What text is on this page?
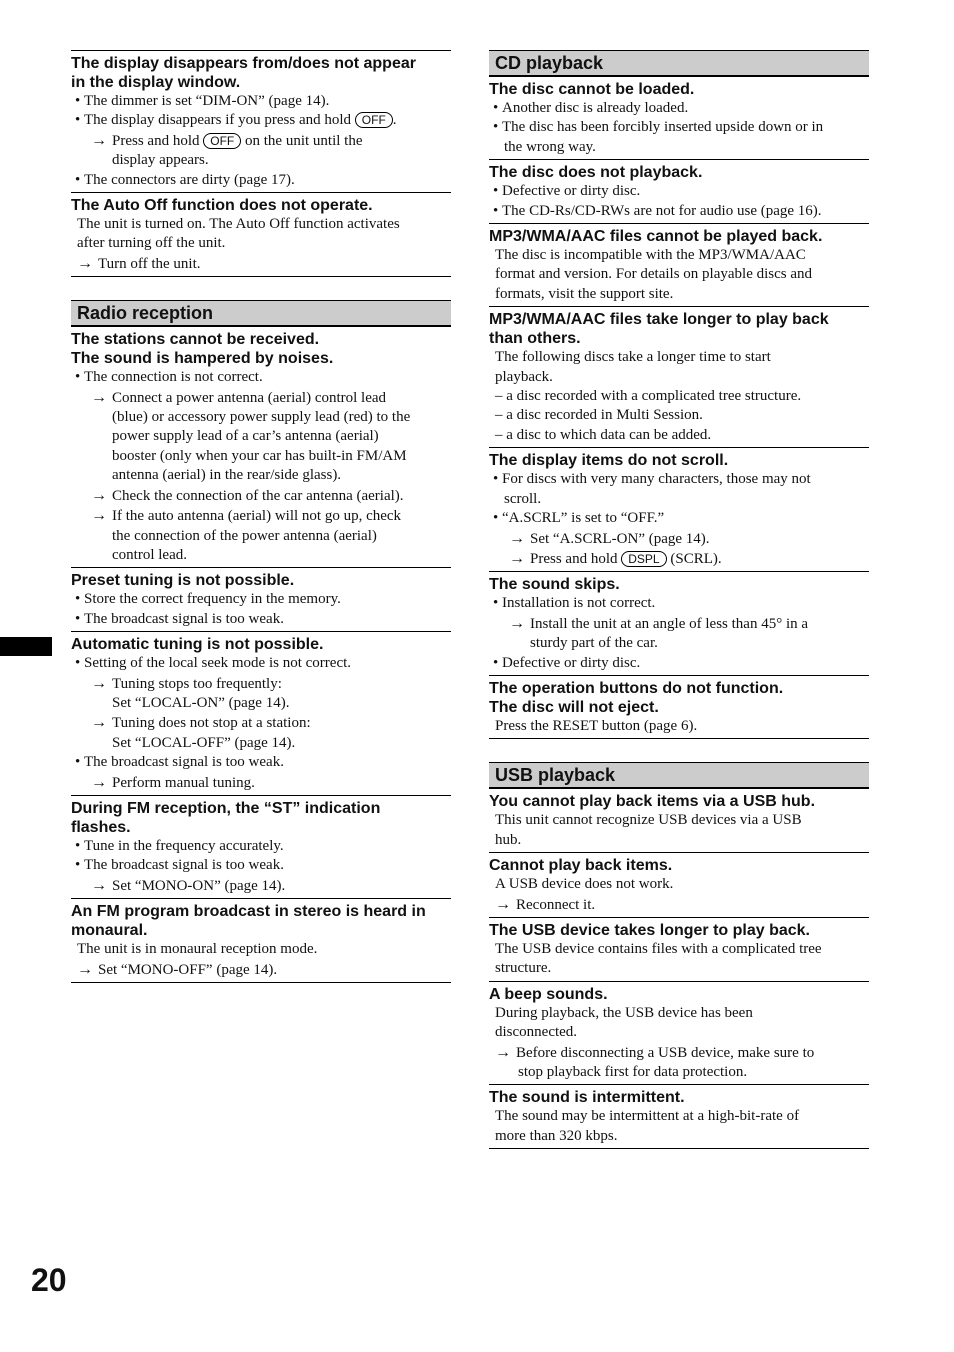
The display disappears from/does not appear
in the display window.
• The dimmer is set “DIM-ON” (page 14).
• The display disappears if you press and hold OFF .
→ Press and hold OFF on the unit until the
display appears.
• The connectors are dirty (page 17).
The Auto Off function does not operate.
The unit is turned on. The Auto Off function activates
after turning off the unit.
→ Turn off the unit.
Radio reception
The stations cannot be received.
The sound is hampered by noises.
• The connection is not correct.
→ Connect a power antenna (aerial) control lead
(blue) or accessory power supply lead (red) to the
power supply lead of a car’s antenna (aerial)
booster (only when your car has built-in FM/AM
antenna (aerial) in the rear/side glass).
→ Check the connection of the car antenna (aerial).
→ If the auto antenna (aerial) will not go up, check
the connection of the power antenna (aerial)
control lead.
Preset tuning is not possible.
• Store the correct frequency in the memory.
• The broadcast signal is too weak.
Automatic tuning is not possible.
• Setting of the local seek mode is not correct.
→ Tuning stops too frequently:
Set “LOCAL-ON” (page 14).
→ Tuning does not stop at a station:
Set “LOCAL-OFF” (page 14).
• The broadcast signal is too weak.
→ Perform manual tuning.
During FM reception, the “ST” indication
flashes.
• Tune in the frequency accurately.
• The broadcast signal is too weak.
→ Set “MONO-ON” (page 14).
An FM program broadcast in stereo is heard in
monaural.
The unit is in monaural reception mode.
→ Set “MONO-OFF” (page 14).
CD playback
The disc cannot be loaded.
• Another disc is already loaded.
• The disc has been forcibly inserted upside down or in
the wrong way.
The disc does not playback.
• Defective or dirty disc.
• The CD-Rs/CD-RWs are not for audio use (page 16).
MP3/WMA/AAC files cannot be played back.
The disc is incompatible with the MP3/WMA/AAC
format and version. For details on playable discs and
formats, visit the support site.
MP3/WMA/AAC files take longer to play back
than others.
The following discs take a longer time to start
playback.
– a disc recorded with a complicated tree structure.
– a disc recorded in Multi Session.
– a disc to which data can be added.
The display items do not scroll.
• For discs with very many characters, those may not
scroll.
• “A.SCRL” is set to “OFF.”
→ Set “A.SCRL-ON” (page 14).
→ Press and hold DSPL (SCRL).
The sound skips.
• Installation is not correct.
→ Install the unit at an angle of less than 45° in a
sturdy part of the car.
• Defective or dirty disc.
The operation buttons do not function.
The disc will not eject.
Press the RESET button (page 6).
USB playback
You cannot play back items via a USB hub.
This unit cannot recognize USB devices via a USB
hub.
Cannot play back items.
A USB device does not work.
→ Reconnect it.
The USB device takes longer to play back.
The USB device contains files with a complicated tree
structure.
A beep sounds.
During playback, the USB device has been
disconnected.
→ Before disconnecting a USB device, make sure to
stop playback first for data protection.
The sound is intermittent.
The sound may be intermittent at a high-bit-rate of
more than 320 kbps.
20
